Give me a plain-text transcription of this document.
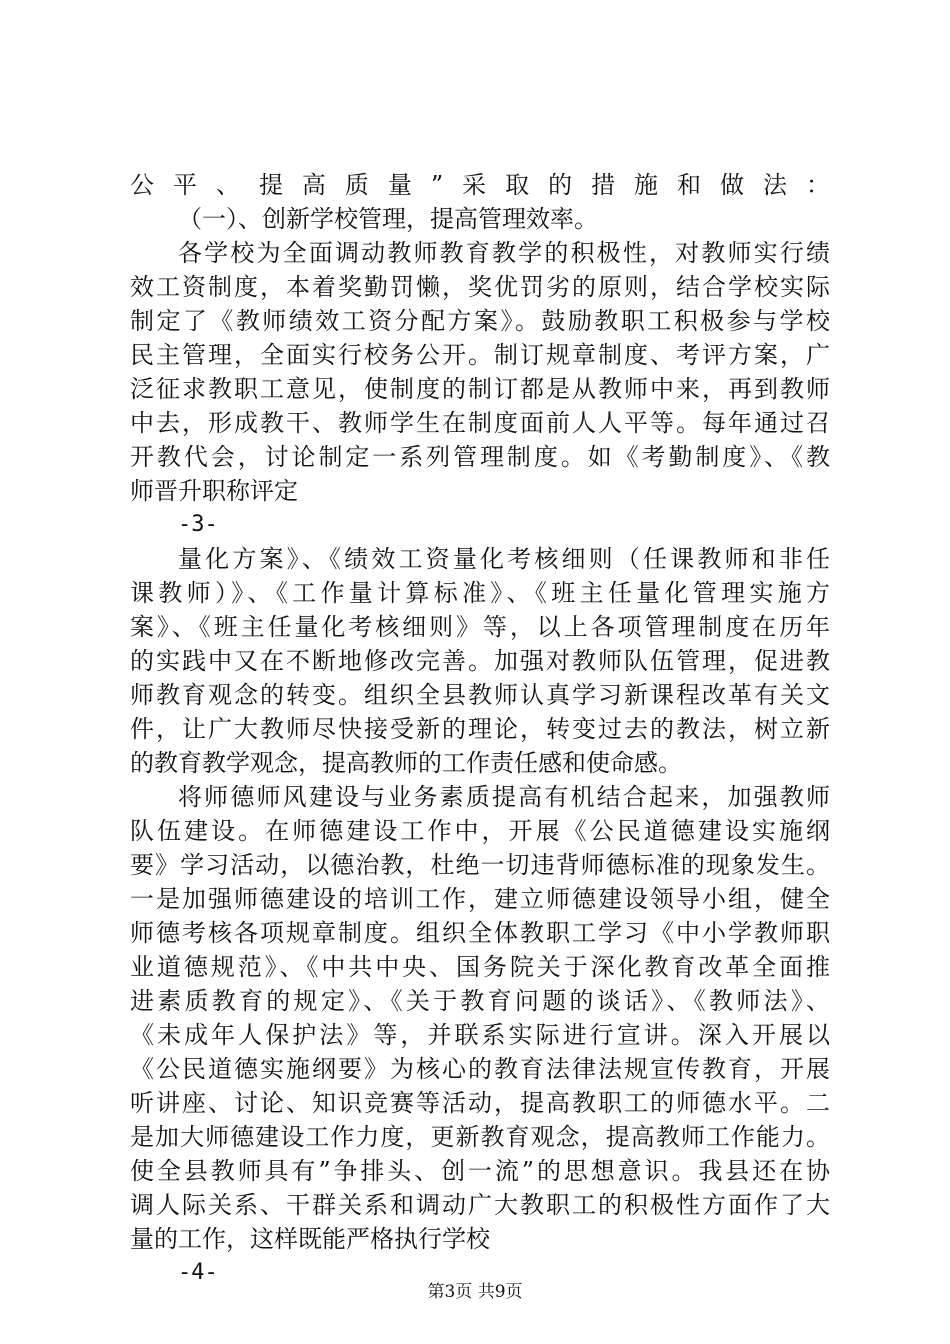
公平、提高质量”采取的措施和做法：
（一）、创新学校管理，提高管理效率。
各学校为全面调动教师教育教学的积极性，对教师实行绩
效工资制度，本着奖勤罚懒，奖优罚劣的原则，结合学校实际
制定了《教师绩效工资分配方案》。鼓励教职工积极参与学校
民主管理，全面实行校务公开。制订规章制度、考评方案，广
泛征求教职工意见，使制度的制订都是从教师中来，再到教师
中去，形成教干、教师学生在制度面前人人平等。每年通过召
开教代会，讨论制定一系列管理制度。如《考勤制度》、《教
师晋升职称评定
-3-
量化方案》、《绩效工资量化考核细则（任课教师和非任
课教师）》、《工作量计算标准》、《班主任量化管理实施方
案》、《班主任量化考核细则》等，以上各项管理制度在历年
的实践中又在不断地修改完善。加强对教师队伍管理，促进教
师教育观念的转变。组织全县教师认真学习新课程改革有关文
件，让广大教师尽快接受新的理论，转变过去的教法，树立新
的教育教学观念，提高教师的工作责任感和使命感。
将师德师风建设与业务素质提高有机结合起来，加强教师
队伍建设。在师德建设工作中，开展《公民道德建设实施纲
要》学习活动，以德治教，杜绝一切违背师德标准的现象发生。
一是加强师德建设的培训工作，建立师德建设领导小组，健全
师德考核各项规章制度。组织全体教职工学习《中小学教师职
业道德规范》、《中共中央、国务院关于深化教育改革全面推
进素质教育的规定》、《关于教育问题的谈话》、《教师法》、
《未成年人保护法》等，并联系实际进行宣讲。深入开展以
《公民道德实施纲要》为核心的教育法律法规宣传教育，开展
听讲座、讨论、知识竞赛等活动，提高教职工的师德水平。二
是加大师德建设工作力度，更新教育观念，提高教师工作能力。
使全县教师具有”争排头、创一流”的思想意识。我县还在协
调人际关系、干群关系和调动广大教职工的积极性方面作了大
量的工作，这样既能严格执行学校
-4-
第3页 共9页
